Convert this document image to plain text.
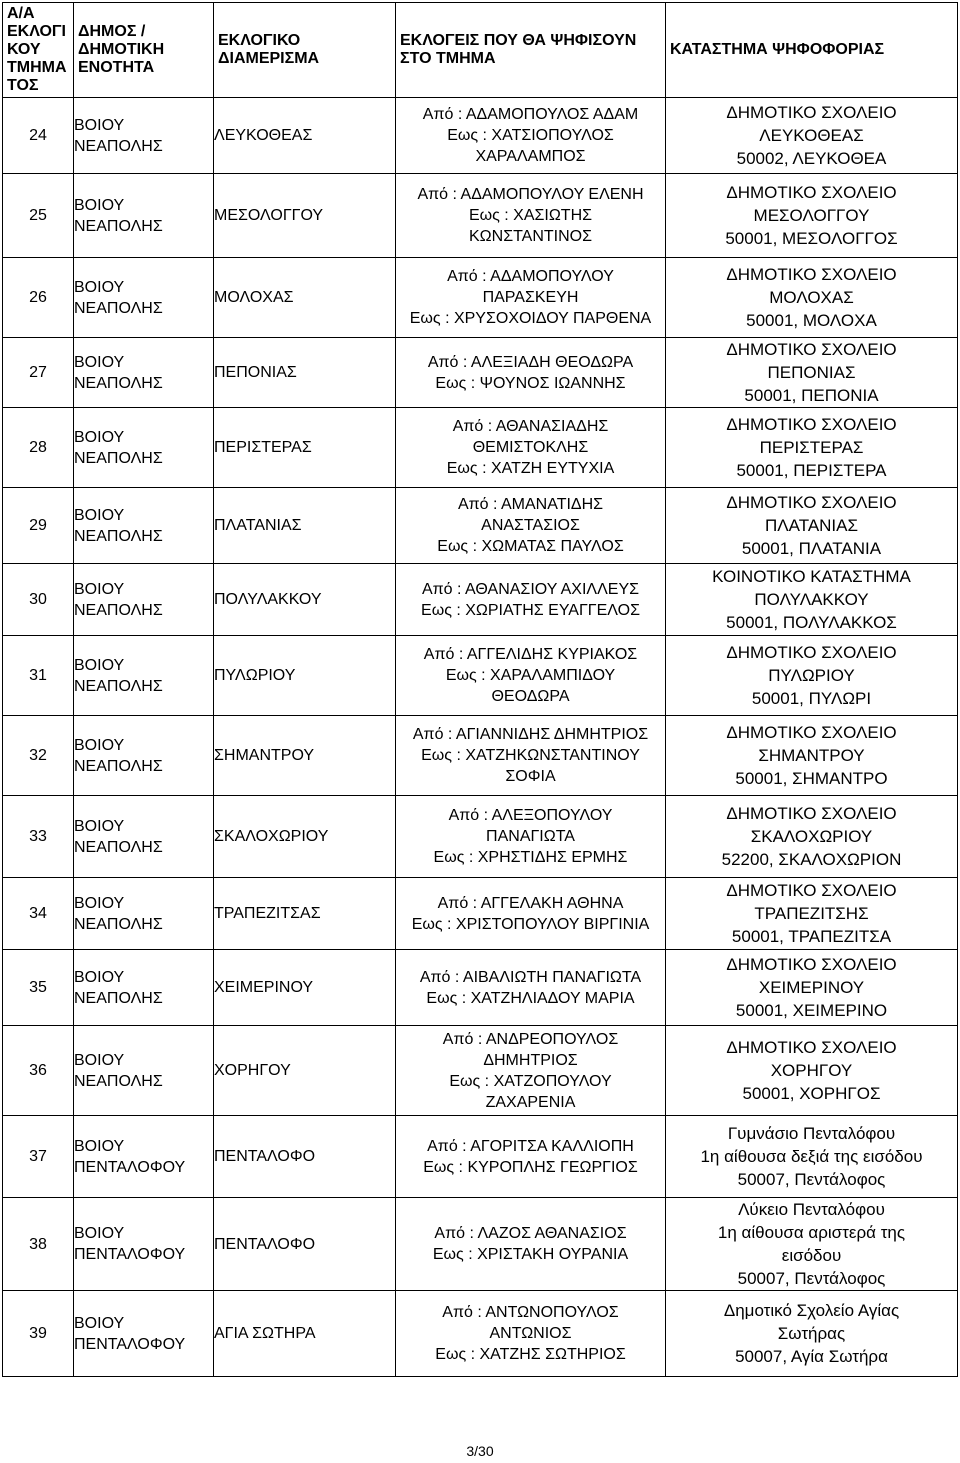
Α/Α ΕΚΛΟΓΙ ΚΟΥ ΤΜΗΜΑ ΤΟΣ	ΔΗΜΟΣ / ΔΗΜΟΤΙΚΗ ΕΝΟΤΗΤΑ	ΕΚΛΟΓΙΚΟ ΔΙΑΜΕΡΙΣΜΑ	ΕΚΛΟΓΕΙΣ ΠΟΥ ΘΑ ΨΗΦΙΣΟΥΝ ΣΤΟ ΤΜΗΜΑ	ΚΑΤΑΣΤΗΜΑ ΨΗΦΟΦΟΡΙΑΣ
24	ΒΟΙΟΥ
ΝΕΑΠΟΛΗΣ	ΛΕΥΚΟΘΕΑΣ	Από : ΑΔΑΜΟΠΟΥΛΟΣ ΑΔΑΜ
Εως : ΧΑΤΣΙΟΠΟΥΛΟΣ
ΧΑΡΑΛΑΜΠΟΣ	ΔΗΜΟΤΙΚΟ ΣΧΟΛΕΙΟ
ΛΕΥΚΟΘΕΑΣ
50002, ΛΕΥΚΟΘΕΑ

25	ΒΟΙΟΥ
ΝΕΑΠΟΛΗΣ	ΜΕΣΟΛΟΓΓΟΥ	Από : ΑΔΑΜΟΠΟΥΛΟΥ ΕΛΕΝΗ
Εως : ΧΑΣΙΩΤΗΣ
ΚΩΝΣΤΑΝΤΙΝΟΣ	ΔΗΜΟΤΙΚΟ ΣΧΟΛΕΙΟ
ΜΕΣΟΛΟΓΓΟΥ
50001, ΜΕΣΟΛΟΓΓΟΣ

26	ΒΟΙΟΥ
ΝΕΑΠΟΛΗΣ	ΜΟΛΟΧΑΣ	Από : ΑΔΑΜΟΠΟΥΛΟΥ
ΠΑΡΑΣΚΕΥΗ
Εως : ΧΡΥΣΟΧΟΙΔΟΥ ΠΑΡΘΕΝΑ	ΔΗΜΟΤΙΚΟ ΣΧΟΛΕΙΟ
ΜΟΛΟΧΑΣ
50001, ΜΟΛΟΧΑ

27	ΒΟΙΟΥ
ΝΕΑΠΟΛΗΣ	ΠΕΠΟΝΙΑΣ	Από : ΑΛΕΞΙΑΔΗ ΘΕΟΔΩΡΑ
Εως : ΨΟΥΝΟΣ ΙΩΑΝΝΗΣ	ΔΗΜΟΤΙΚΟ ΣΧΟΛΕΙΟ
ΠΕΠΟΝΙΑΣ
50001, ΠΕΠΟΝΙΑ

28	ΒΟΙΟΥ
ΝΕΑΠΟΛΗΣ	ΠΕΡΙΣΤΕΡΑΣ	Από : ΑΘΑΝΑΣΙΑΔΗΣ
ΘΕΜΙΣΤΟΚΛΗΣ
Εως : ΧΑΤΖΗ ΕΥΤΥΧΙΑ	ΔΗΜΟΤΙΚΟ ΣΧΟΛΕΙΟ
ΠΕΡΙΣΤΕΡΑΣ
50001, ΠΕΡΙΣΤΕΡΑ

29	ΒΟΙΟΥ
ΝΕΑΠΟΛΗΣ	ΠΛΑΤΑΝΙΑΣ	Από : ΑΜΑΝΑΤΙΔΗΣ
ΑΝΑΣΤΑΣΙΟΣ
Εως : ΧΩΜΑΤΑΣ ΠΑΥΛΟΣ	ΔΗΜΟΤΙΚΟ ΣΧΟΛΕΙΟ
ΠΛΑΤΑΝΙΑΣ
50001, ΠΛΑΤΑΝΙΑ

30	ΒΟΙΟΥ
ΝΕΑΠΟΛΗΣ	ΠΟΛΥΛΑΚΚΟΥ	Από : ΑΘΑΝΑΣΙΟΥ ΑΧΙΛΛΕΥΣ
Εως : ΧΩΡΙΑΤΗΣ ΕΥΑΓΓΕΛΟΣ	ΚΟΙΝΟΤΙΚΟ ΚΑΤΑΣΤΗΜΑ
ΠΟΛΥΛΑΚΚΟΥ
50001, ΠΟΛΥΛΑΚΚΟΣ

31	ΒΟΙΟΥ
ΝΕΑΠΟΛΗΣ	ΠΥΛΩΡΙΟΥ	Από : ΑΓΓΕΛΙΔΗΣ ΚΥΡΙΑΚΟΣ
Εως : ΧΑΡΑΛΑΜΠΙΔΟΥ
ΘΕΟΔΩΡΑ	ΔΗΜΟΤΙΚΟ ΣΧΟΛΕΙΟ
ΠΥΛΩΡΙΟΥ
50001, ΠΥΛΩΡΙ

32	ΒΟΙΟΥ
ΝΕΑΠΟΛΗΣ	ΣΗΜΑΝΤΡΟΥ	Από : ΑΓΙΑΝΝΙΔΗΣ ΔΗΜΗΤΡΙΟΣ
Εως : ΧΑΤΖΗΚΩΝΣΤΑΝΤΙΝΟΥ
ΣΟΦΙΑ	ΔΗΜΟΤΙΚΟ ΣΧΟΛΕΙΟ
ΣΗΜΑΝΤΡΟΥ
50001, ΣΗΜΑΝΤΡΟ

33	ΒΟΙΟΥ
ΝΕΑΠΟΛΗΣ	ΣΚΑΛΟΧΩΡΙΟΥ	Από : ΑΛΕΞΟΠΟΥΛΟΥ
ΠΑΝΑΓΙΩΤΑ
Εως : ΧΡΗΣΤΙΔΗΣ ΕΡΜΗΣ	ΔΗΜΟΤΙΚΟ ΣΧΟΛΕΙΟ
ΣΚΑΛΟΧΩΡΙΟΥ
52200, ΣΚΑΛΟΧΩΡΙΟΝ

34	ΒΟΙΟΥ
ΝΕΑΠΟΛΗΣ	ΤΡΑΠΕΖΙΤΣΑΣ	Από : ΑΓΓΕΛΑΚΗ ΑΘΗΝΑ
Εως : ΧΡΙΣΤΟΠΟΥΛΟΥ ΒΙΡΓΙΝΙΑ	ΔΗΜΟΤΙΚΟ ΣΧΟΛΕΙΟ
ΤΡΑΠΕΖΙΤΣΗΣ
50001, ΤΡΑΠΕΖΙΤΣΑ

35	ΒΟΙΟΥ
ΝΕΑΠΟΛΗΣ	ΧΕΙΜΕΡΙΝΟΥ	Από : ΑΙΒΑΛΙΩΤΗ ΠΑΝΑΓΙΩΤΑ
Εως : ΧΑΤΖΗΛΙΑΔΟΥ ΜΑΡΙΑ	ΔΗΜΟΤΙΚΟ ΣΧΟΛΕΙΟ
ΧΕΙΜΕΡΙΝΟΥ
50001, ΧΕΙΜΕΡΙΝΟ

36	ΒΟΙΟΥ
ΝΕΑΠΟΛΗΣ	ΧΟΡΗΓΟΥ	Από : ΑΝΔΡΕΟΠΟΥΛΟΣ
ΔΗΜΗΤΡΙΟΣ
Εως : ΧΑΤΖΟΠΟΥΛΟΥ
ΖΑΧΑΡΕΝΙΑ	ΔΗΜΟΤΙΚΟ ΣΧΟΛΕΙΟ
ΧΟΡΗΓΟΥ
50001, ΧΟΡΗΓΟΣ

37	ΒΟΙΟΥ
ΠΕΝΤΑΛΟΦΟΥ	ΠΕΝΤΑΛΟΦΟ	Από : ΑΓΟΡΙΤΣΑ ΚΑΛΛΙΟΠΗ
Εως : ΚΥΡΟΠΛΗΣ ΓΕΩΡΓΙΟΣ	Γυμνάσιο Πενταλόφου
1η αίθουσα δεξιά της εισόδου
50007, Πεντάλοφος

38	ΒΟΙΟΥ
ΠΕΝΤΑΛΟΦΟΥ	ΠΕΝΤΑΛΟΦΟ	Από : ΛΑΖΟΣ ΑΘΑΝΑΣΙΟΣ
Εως : ΧΡΙΣΤΑΚΗ ΟΥΡΑΝΙΑ	Λύκειο Πενταλόφου
1η αίθουσα αριστερά της
εισόδου
50007, Πεντάλοφος

39	ΒΟΙΟΥ
ΠΕΝΤΑΛΟΦΟΥ	ΑΓΙΑ ΣΩΤΗΡΑ	Από : ΑΝΤΩΝΟΠΟΥΛΟΣ
ΑΝΤΩΝΙΟΣ
Εως : ΧΑΤΖΗΣ ΣΩΤΗΡΙΟΣ	Δημοτικό Σχολείο Αγίας
Σωτήρας
50007, Αγία Σωτήρα
3/30
